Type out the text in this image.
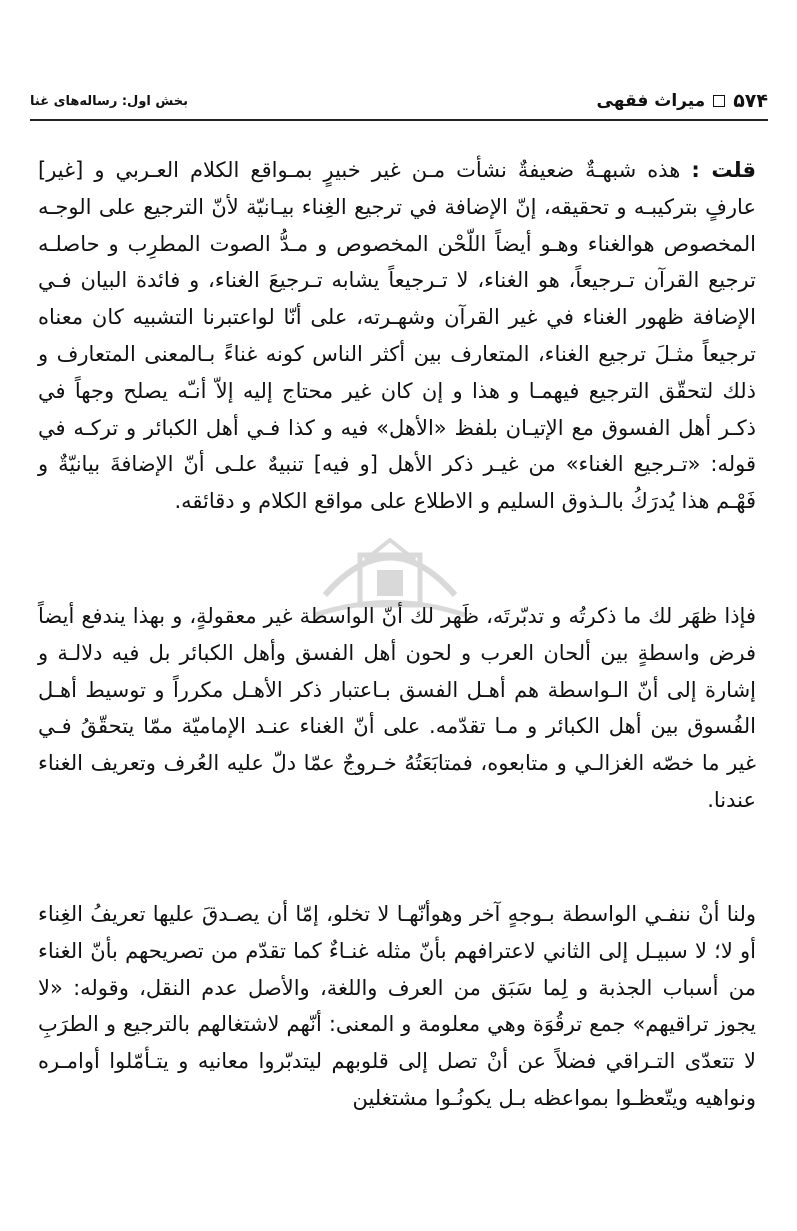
۵۷۴
میراث فقهی
بخش اول: رساله‌های غنا

قلت : هذه شبهـةٌ ضعيفةٌ نشأت مـن غير خبيرٍ بمـواقع الكلام العـربي و [غير] عارفٍ بتركيبـه و تحقيقه، إنّ الإضافة في ترجيع الغِناء بيـانيّة لأنّ الترجيع على الوجـه المخصوص هوالغناء وهـو أيضاً اللّحْن المخصوص و مـدُّ الصوت المطرِب و حاصلـه ترجيع القرآن تـرجيعاً، هو الغناء، لا تـرجيعاً يشابه تـرجيعَ الغناء، و فائدة البيان فـي الإضافة ظهور الغناء في غير القرآن وشهـرته، على أنّا لواعتبرنا التشبيه كان معناه ترجيعاً مثـلَ ترجيع الغناء، المتعارف بين أكثر الناس كونه غناءً بـالمعنى المتعارف و ذلك لتحقّق الترجيع فيهمـا و هذا و إن كان غير محتاج إليه إلاّ أنـّه يصلح وجهاً في ذكـر أهل الفسوق مع الإتيـان بلفظ «الأهل» فيه و كذا فـي أهل الكبائر و تركـه في قوله: «تـرجيع الغناء» من غيـر ذكر الأهل [و فيه] تنبيهٌ علـى أنّ الإضافةَ بيانيّةٌ و فَهْـم هذا يُدرَكُ بالـذوق السليم و الاطلاع على مواقع الكلام و دقائقه.

فإذا ظهَر لك ما ذكرتُه و تدبّرتَه، ظَهر لك أنّ الواسطة غير معقولةٍ، و بهذا يندفع أيضاً فرض واسطةٍ بين ألحان العرب و لحون أهل الفسق وأهل الكبائر بل فيه دلالـة و إشارة إلى أنّ الـواسطة هم أهـل الفسق بـاعتبار ذكر الأهـل مكرراً و توسيط أهـل الفُسوق بين أهل الكبائر و مـا تقدّمه. على أنّ الغناء عنـد الإماميّة ممّا يتحقّقُ فـي غير ما خصّه الغزالـي و متابعوه، فمتابَعَتُهُ خـروجٌ عمّا دلّ عليه العُرف وتعريف الغناء عندنا.

ولنا أنْ ننفـي الواسطة بـوجهٍ آخر وهوأنّهـا لا تخلو، إمّا أن يصـدقَ عليها تعريفُ الغِناء أو لا؛ لا سبيـل إلى الثاني لاعترافهم بأنّ مثله غنـاءٌ كما تقدّم من تصريحهم بأنّ الغناء من أسباب الجذبة و لِما سَبَق من العرف واللغة، والأصل عدم النقل، وقوله: «لا يجوز تراقيهم» جمع ترقُوَة وهي معلومة و المعنى: أنّهم لاشتغالهم بالترجيع و الطرَبِ لا تتعدّى التـراقي فضلاً عن أنْ تصل إلى قلوبهم ليتدبّروا معانيه و يتـأمّلوا أوامـره ونواهيه ويتّعظـوا بمواعظه بـل يكونُـوا مشتغلين
